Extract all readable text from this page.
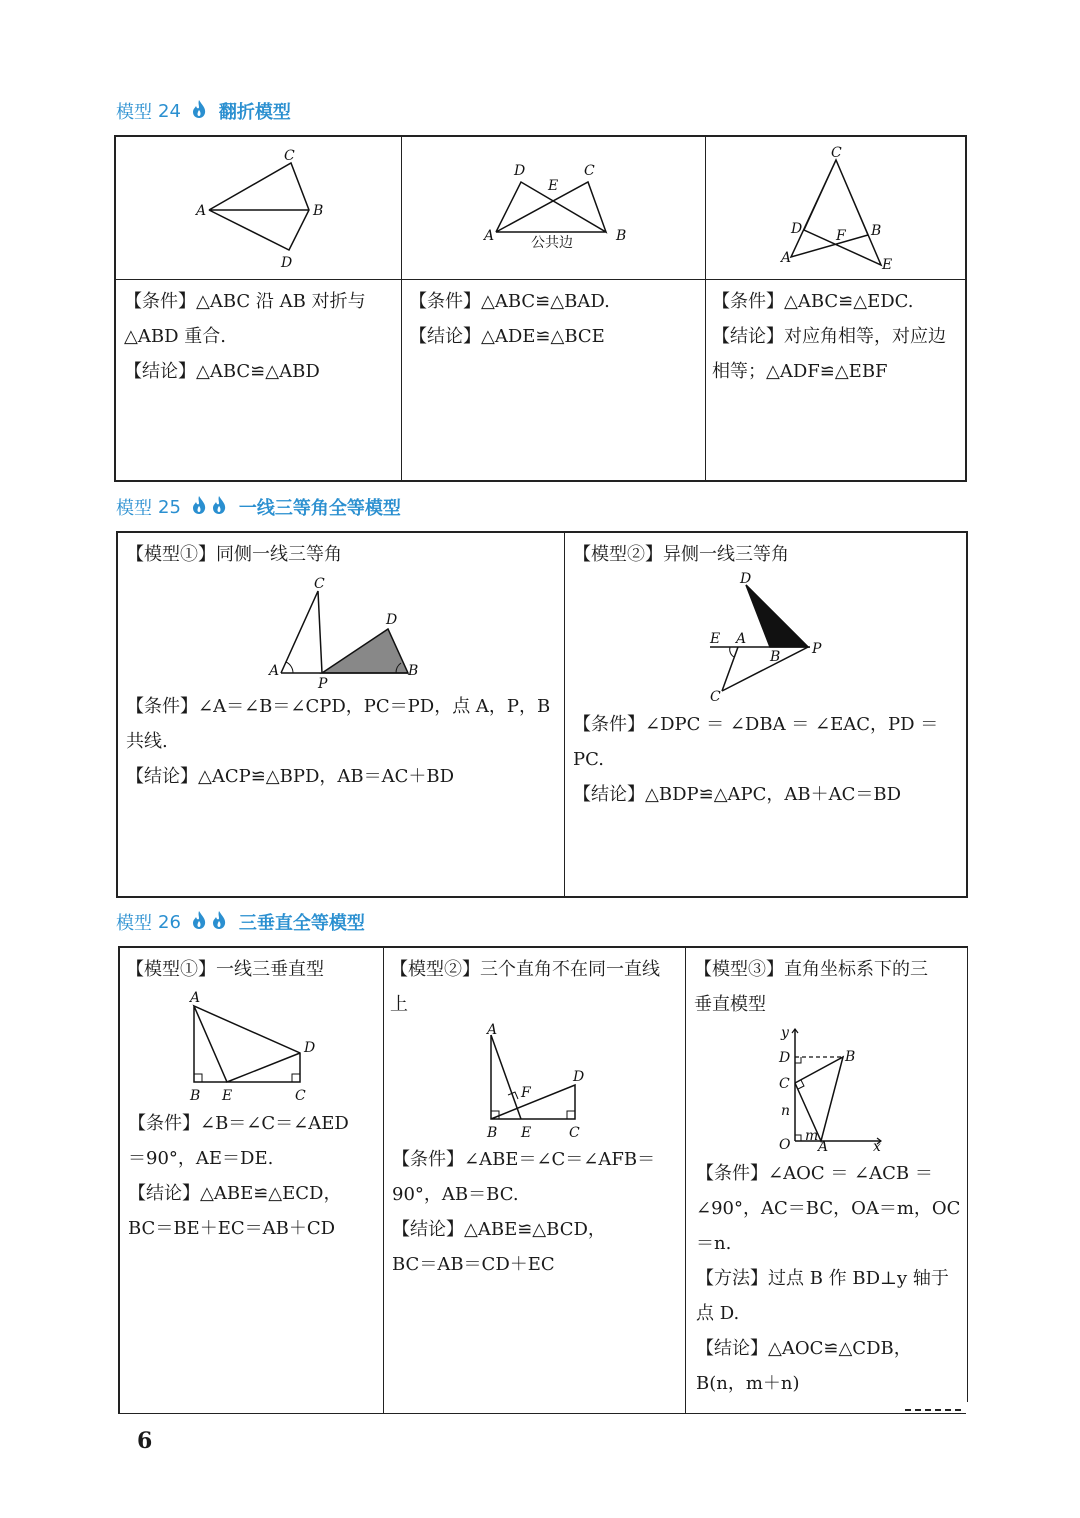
模型 24 翻折模型
A	B
C
D
A	B
C
D
E
公共边
C
A
B
D
E
F

【条件】△ABC 沿 AB 对折与

△ABD 重合.

【结论】△ABC≌△ABD

【条件】△ABC≌△BAD.

【结论】△ADE≌△BCE

【条件】△ABC≌△EDC.

【结论】对应角相等，对应边

相等；△ADF≌△EBF

模型 25	一线三等角全等模型

【模型①】同侧一线三等角

A	B
C
D
P

【条件】∠A＝∠B＝∠CPD，PC＝PD，点 A，P，B

共线.

【结论】△ACP≌△BPD，AB＝AC＋BD

【模型②】异侧一线三等角

D
E A
B P
C

【条件】∠DPC ＝ ∠DBA ＝ ∠EAC，PD ＝

PC.

【结论】△BDP≌△APC，AB＋AC＝BD

模型 26	三垂直全等模型

【模型①】一线三垂直型

A
B E	C
D

【条件】∠B＝∠C＝∠AED

＝90°，AE＝DE.

【结论】△ABE≌△ECD，

BC＝BE＋EC＝AB＋CD

【模型②】三个直角不在同一直线

上

A
B E	C
D
F

【条件】∠ABE＝∠C＝∠AFB＝

90°，AB＝BC.

【结论】△ABE≌△BCD，

BC＝AB＝CD＋EC

【模型③】直角坐标系下的三

垂直模型

y
D	B
C
n
O
m
A	x

【条件】∠AOC ＝ ∠ACB ＝

∠90°，AC＝BC，OA＝m，OC

＝n.

【方法】过点 B 作 BD⊥y 轴于

点 D.

【结论】△AOC≌△CDB，

B(n，m＋n)

6
